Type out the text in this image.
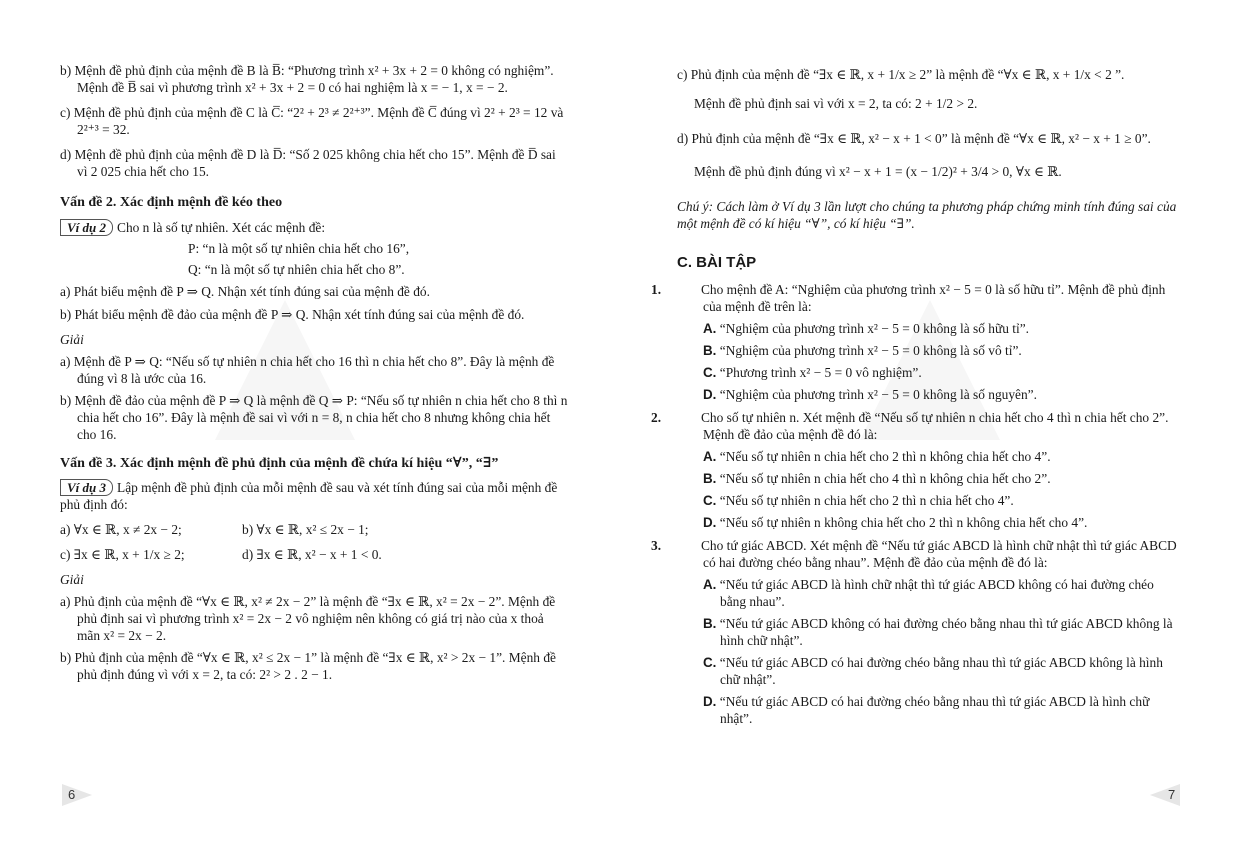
b) Mệnh đề phủ định của mệnh đề B là B̅: “Phương trình x² + 3x + 2 = 0 không có nghiệm”. Mệnh đề B̅ sai vì phương trình x² + 3x + 2 = 0 có hai nghiệm là x = − 1, x = − 2.

c) Mệnh đề phủ định của mệnh đề C là C̅: “2² + 2³ ≠ 2²⁺³”. Mệnh đề C̅ đúng vì 2² + 2³ = 12 và 2²⁺³ = 32.

d) Mệnh đề phủ định của mệnh đề D là D̅: “Số 2 025 không chia hết cho 15”. Mệnh đề D̅ sai vì 2 025 chia hết cho 15.

Vấn đề 2. Xác định mệnh đề kéo theo

Ví dụ 2 Cho n là số tự nhiên. Xét các mệnh đề:

P: “n là một số tự nhiên chia hết cho 16”,

Q: “n là một số tự nhiên chia hết cho 8”.

a) Phát biểu mệnh đề P ⇒ Q. Nhận xét tính đúng sai của mệnh đề đó.

b) Phát biểu mệnh đề đảo của mệnh đề P ⇒ Q. Nhận xét tính đúng sai của mệnh đề đó.

Giải

a) Mệnh đề P ⇒ Q: “Nếu số tự nhiên n chia hết cho 16 thì n chia hết cho 8”. Đây là mệnh đề đúng vì 8 là ước của 16.

b) Mệnh đề đảo của mệnh đề P ⇒ Q là mệnh đề Q ⇒ P: “Nếu số tự nhiên n chia hết cho 8 thì n chia hết cho 16”. Đây là mệnh đề sai vì với n = 8, n chia hết cho 8 nhưng không chia hết cho 16.

Vấn đề 3. Xác định mệnh đề phủ định của mệnh đề chứa kí hiệu “∀”, “∃”

Ví dụ 3 Lập mệnh đề phủ định của mỗi mệnh đề sau và xét tính đúng sai của mỗi mệnh đề phủ định đó:

a) ∀x ∈ ℝ, x ≠ 2x − 2;	b) ∀x ∈ ℝ, x² ≤ 2x − 1;
c) ∃x ∈ ℝ, x + 1/x ≥ 2;	d) ∃x ∈ ℝ, x² − x + 1 < 0.

Giải

a) Phủ định của mệnh đề “∀x ∈ ℝ, x² ≠ 2x − 2” là mệnh đề “∃x ∈ ℝ, x² = 2x − 2”. Mệnh đề phủ định sai vì phương trình x² = 2x − 2 vô nghiệm nên không có giá trị nào của x thoả mãn x² = 2x − 2.

b) Phủ định của mệnh đề “∀x ∈ ℝ, x² ≤ 2x − 1” là mệnh đề “∃x ∈ ℝ, x² > 2x − 1”. Mệnh đề phủ định đúng vì với x = 2, ta có: 2² > 2 . 2 − 1.

6

c) Phủ định của mệnh đề “∃x ∈ ℝ, x + 1/x ≥ 2” là mệnh đề “∀x ∈ ℝ, x + 1/x < 2 ”.

Mệnh đề phủ định sai vì với x = 2, ta có: 2 + 1/2 > 2.

d) Phủ định của mệnh đề “∃x ∈ ℝ, x² − x + 1 < 0” là mệnh đề “∀x ∈ ℝ, x² − x + 1 ≥ 0”.

Mệnh đề phủ định đúng vì x² − x + 1 = (x − 1/2)² + 3/4 > 0, ∀x ∈ ℝ.

Chú ý: Cách làm ở Ví dụ 3 lần lượt cho chúng ta phương pháp chứng minh tính đúng sai của một mệnh đề có kí hiệu “∀”, có kí hiệu “∃”.

C. BÀI TẬP

1.	Cho mệnh đề A: “Nghiệm của phương trình x² − 5 = 0 là số hữu tỉ”. Mệnh đề phủ định của mệnh đề trên là:

A. “Nghiệm của phương trình x² − 5 = 0 không là số hữu tỉ”.

B. “Nghiệm của phương trình x² − 5 = 0 không là số vô tỉ”.

C. “Phương trình x² − 5 = 0 vô nghiệm”.

D. “Nghiệm của phương trình x² − 5 = 0 không là số nguyên”.

2.	Cho số tự nhiên n. Xét mệnh đề “Nếu số tự nhiên n chia hết cho 4 thì n chia hết cho 2”. Mệnh đề đảo của mệnh đề đó là:

A. “Nếu số tự nhiên n chia hết cho 2 thì n không chia hết cho 4”.

B. “Nếu số tự nhiên n chia hết cho 4 thì n không chia hết cho 2”.

C. “Nếu số tự nhiên n chia hết cho 2 thì n chia hết cho 4”.

D. “Nếu số tự nhiên n không chia hết cho 2 thì n không chia hết cho 4”.

3.	Cho tứ giác ABCD. Xét mệnh đề “Nếu tứ giác ABCD là hình chữ nhật thì tứ giác ABCD có hai đường chéo bằng nhau”. Mệnh đề đảo của mệnh đề đó là:

A. “Nếu tứ giác ABCD là hình chữ nhật thì tứ giác ABCD không có hai đường chéo bằng nhau”.

B. “Nếu tứ giác ABCD không có hai đường chéo bằng nhau thì tứ giác ABCD không là hình chữ nhật”.

C. “Nếu tứ giác ABCD có hai đường chéo bằng nhau thì tứ giác ABCD không là hình chữ nhật”.

D. “Nếu tứ giác ABCD có hai đường chéo bằng nhau thì tứ giác ABCD là hình chữ nhật”.

7
